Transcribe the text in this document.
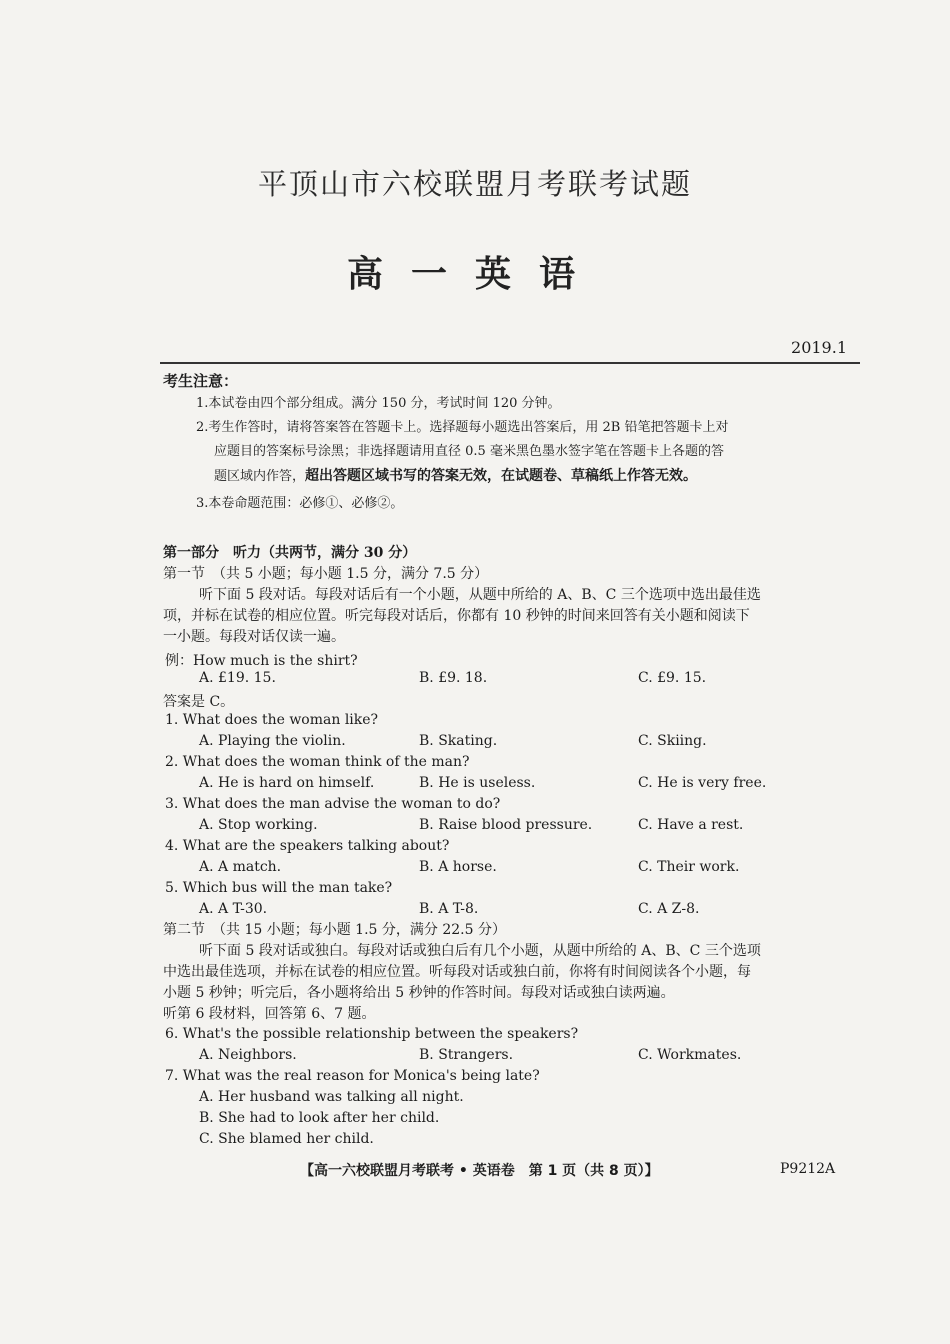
平顶山市六校联盟月考联考试题
高一英语
2019.1
考生注意：
1.本试卷由四个部分组成。满分 150 分，考试时间 120 分钟。
2.考生作答时，请将答案答在答题卡上。选择题每小题选出答案后，用 2B 铅笔把答题卡上对
应题目的答案标号涂黑；非选择题请用直径 0.5 毫米黑色墨水签字笔在答题卡上各题的答
题区域内作答，超出答题区域书写的答案无效，在试题卷、草稿纸上作答无效。
3.本卷命题范围：必修①、必修②。
第一部分　听力（共两节，满分 30 分）
第一节　（共 5 小题；每小题 1.5 分，满分 7.5 分）
听下面 5 段对话。每段对话后有一个小题，从题中所给的 A、B、C 三个选项中选出最佳选
项，并标在试卷的相应位置。听完每段对话后，你都有 10 秒钟的时间来回答有关小题和阅读下
一小题。每段对话仅读一遍。
例：How much is the shirt?
A. £19. 15.	B. £9. 18.	C. £9. 15.
答案是 C。
1. What does the woman like?
A. Playing the violin.	B. Skating.	C. Skiing.
2. What does the woman think of the man?
A. He is hard on himself.	B. He is useless.	C. He is very free.
3. What does the man advise the woman to do?
A. Stop working.	B. Raise blood pressure.	C. Have a rest.
4. What are the speakers talking about?
A. A match.	B. A horse.	C. Their work.
5. Which bus will the man take?
A. A T-30.	B. A T-8.	C. A Z-8.
第二节　（共 15 小题；每小题 1.5 分，满分 22.5 分）
听下面 5 段对话或独白。每段对话或独白后有几个小题，从题中所给的 A、B、C 三个选项
中选出最佳选项，并标在试卷的相应位置。听每段对话或独白前，你将有时间阅读各个小题，每
小题 5 秒钟；听完后，各小题将给出 5 秒钟的作答时间。每段对话或独白读两遍。
听第 6 段材料，回答第 6、7 题。
6. What's the possible relationship between the speakers?
A. Neighbors.	B. Strangers.	C. Workmates.
7. What was the real reason for Monica's being late?
A. Her husband was talking all night.
B. She had to look after her child.
C. She blamed her child.
【高一六校联盟月考联考 • 英语卷　第 1 页（共 8 页）】	P9212A
